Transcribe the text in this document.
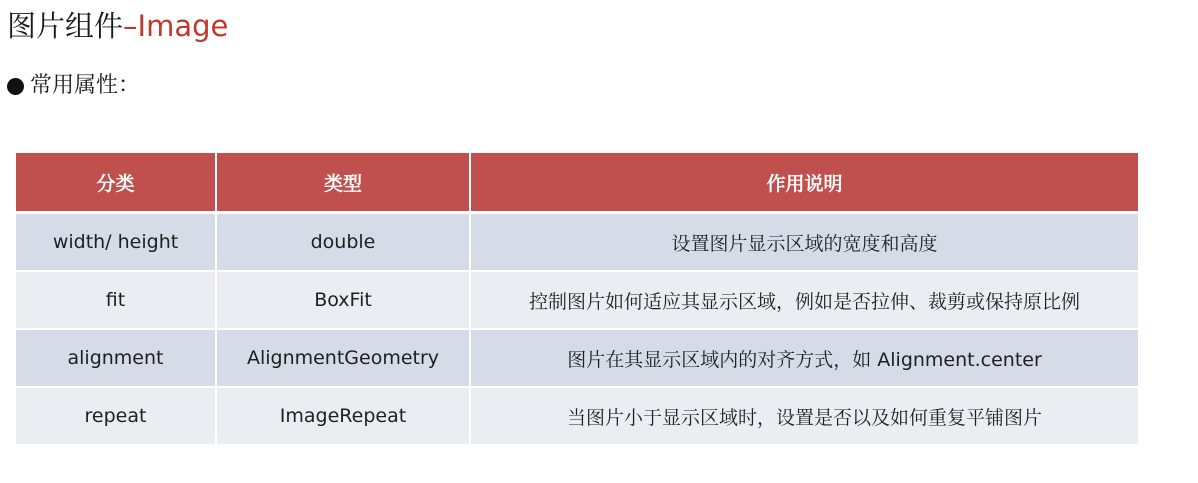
图片组件–Image
常用属性：
分类	类型	作用说明
width/ height	double	设置图片显示区域的宽度和高度
fit	BoxFit	控制图片如何适应其显示区域，例如是否拉伸、裁剪或保持原比例
alignment	AlignmentGeometry	图片在其显示区域内的对齐方式，如 Alignment.center
repeat	ImageRepeat	当图片小于显示区域时，设置是否以及如何重复平铺图片
